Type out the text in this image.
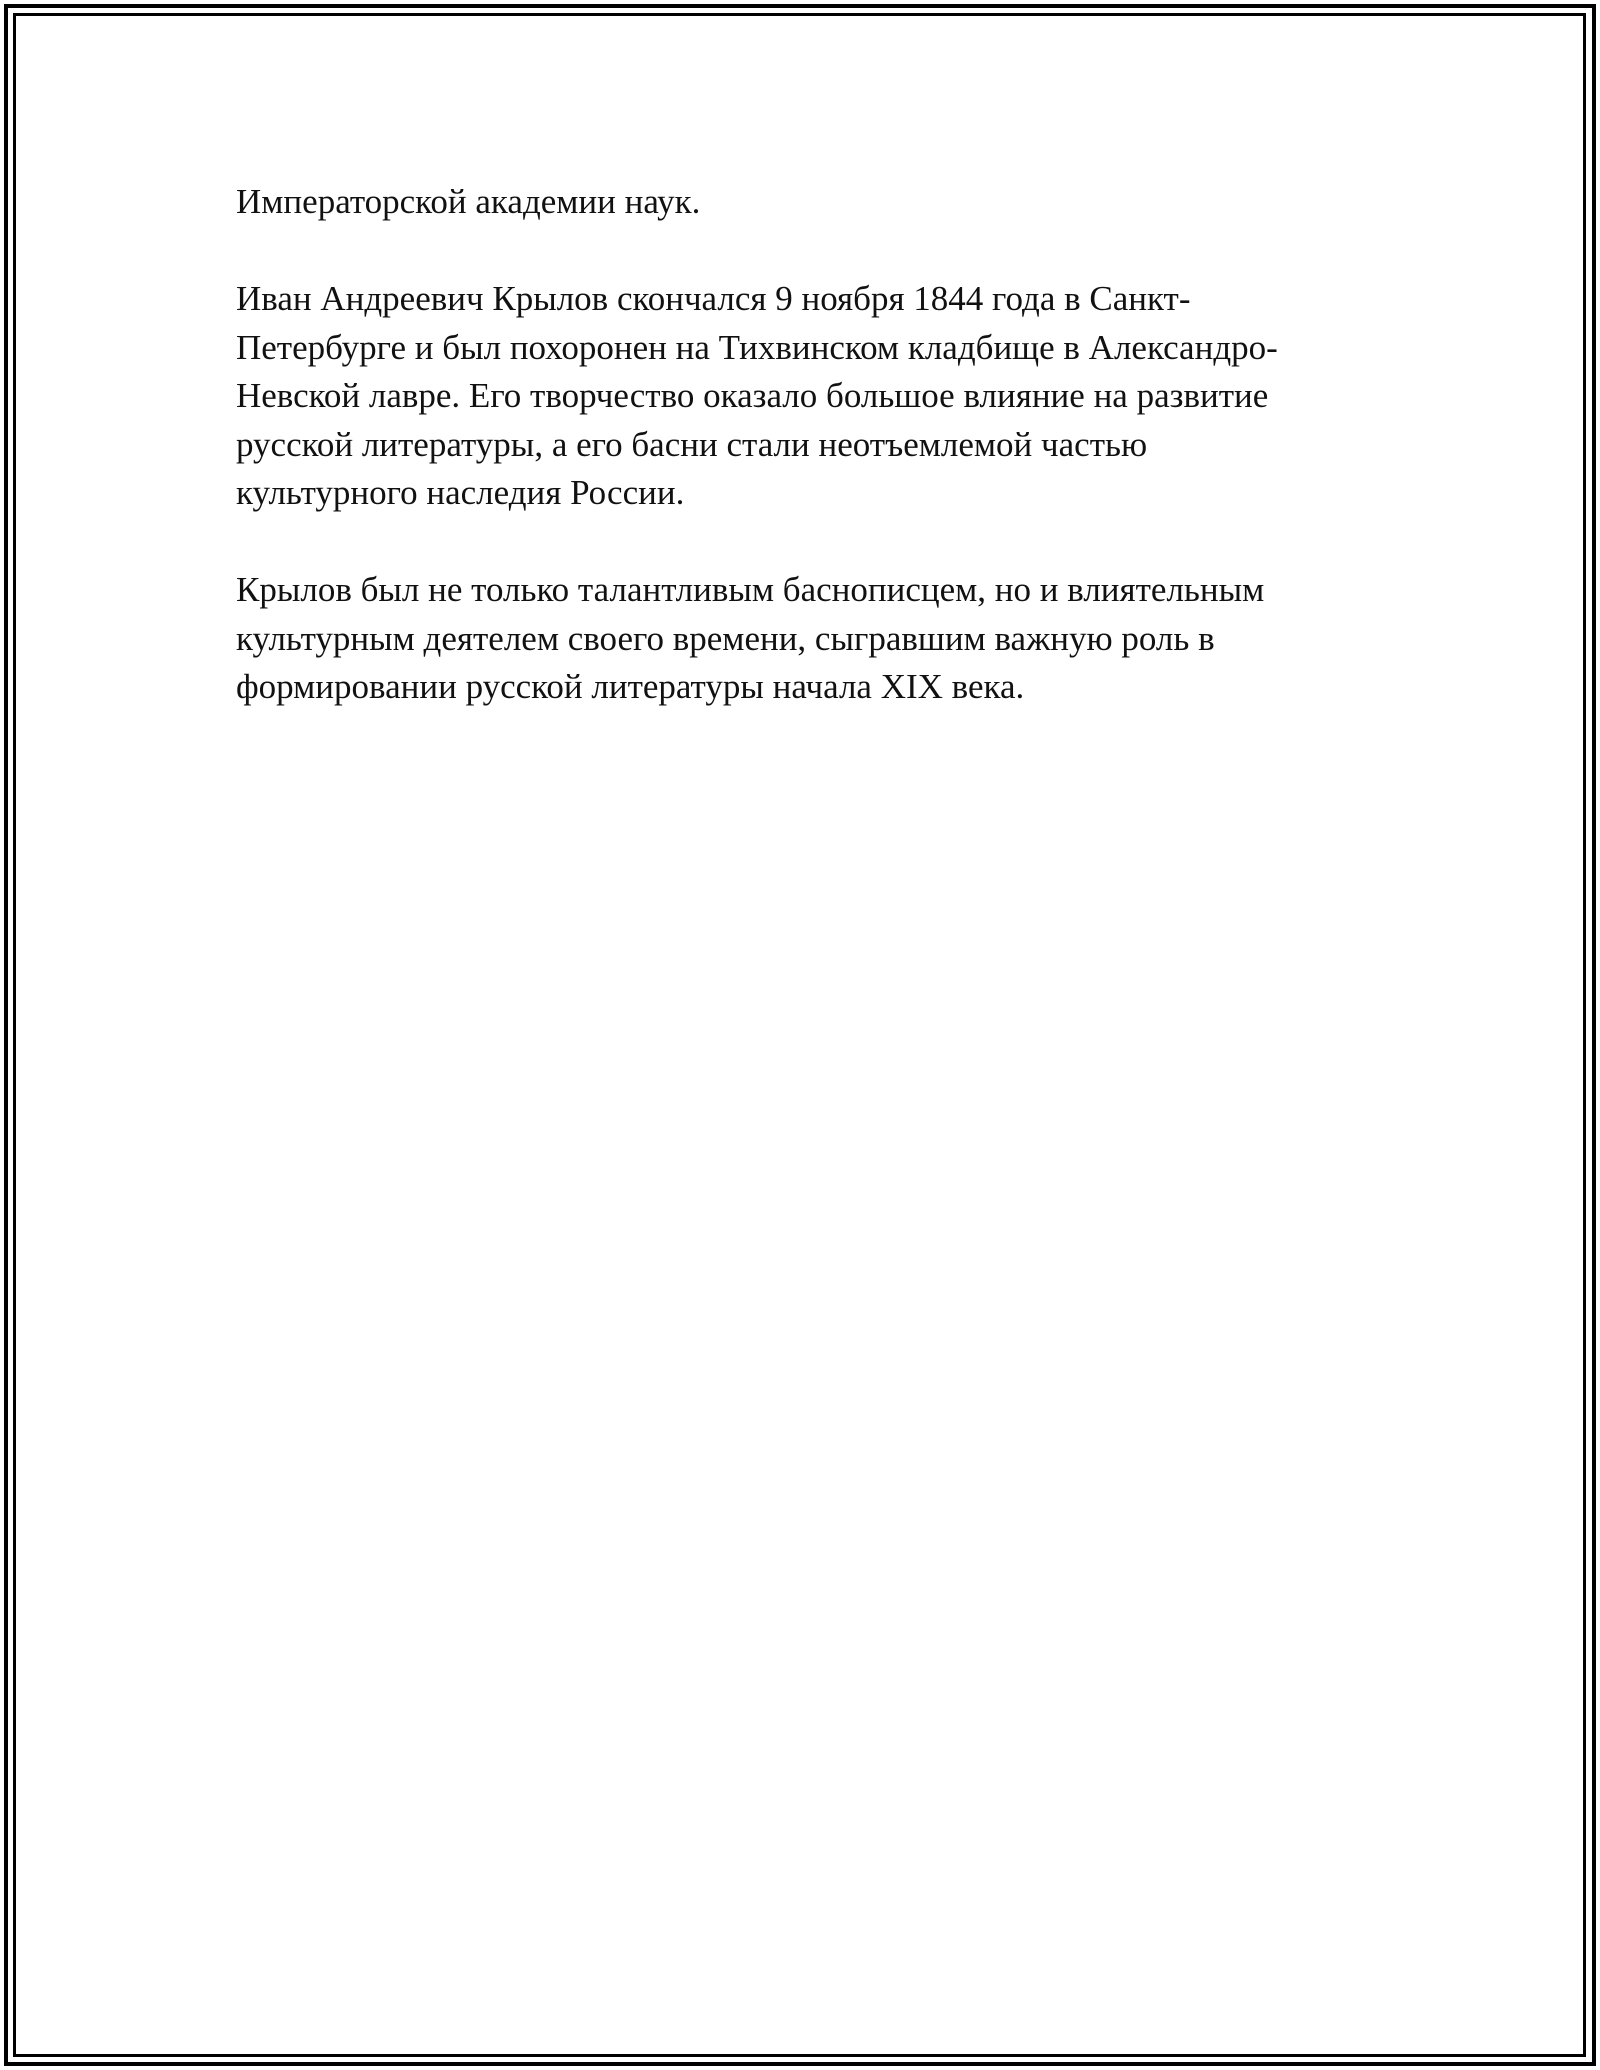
Императорской академии наук.

Иван Андреевич Крылов скончался 9 ноября 1844 года в Санкт-
Петербурге и был похоронен на Тихвинском кладбище в Александро-
Невской лавре. Его творчество оказало большое влияние на развитие
русской литературы, а его басни стали неотъемлемой частью
культурного наследия России.

Крылов был не только талантливым баснописцем, но и влиятельным
культурным деятелем своего времени, сыгравшим важную роль в
формировании русской литературы начала XIX века.
